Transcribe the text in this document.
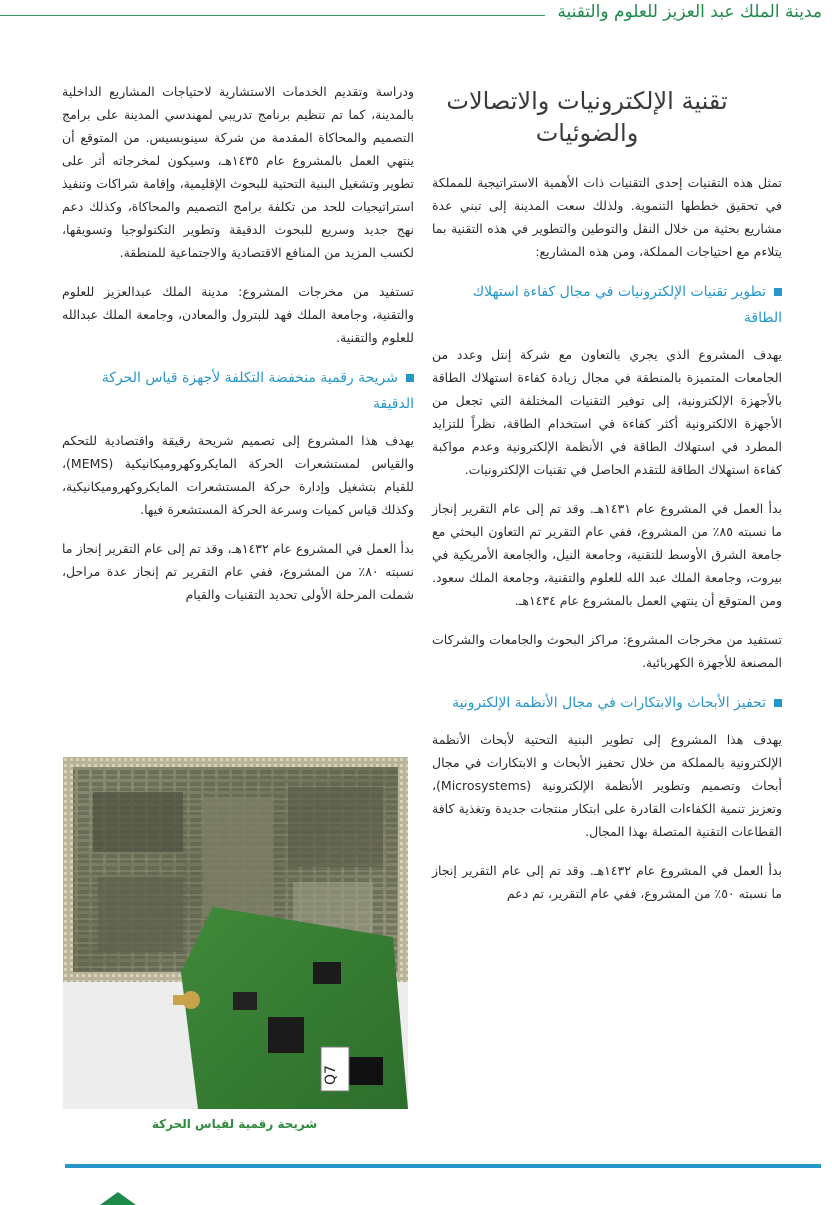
مدينة الملك عبد العزيز للعلوم والتقنية
تقنية الإلكترونيات والاتصالات والضوئيات

تمثل هذه التقنيات إحدى التقنيات ذات الأهمية الاستراتيجية للمملكة في تحقيق خططها التنموية. ولذلك سعت المدينة إلى تبني عدة مشاريع بحثية من خلال النقل والتوطين والتطوير في هذه التقنية بما يتلاءم مع احتياجات المملكة، ومن هذه المشاريع:

تطوير تقنيات الإلكترونيات في مجال كفاءة استهلاك الطاقة

يهدف المشروع الذي يجري بالتعاون مع شركة إنتل وعدد من الجامعات المتميزة بالمنطقة في مجال زيادة كفاءة استهلاك الطاقة بالأجهزة الإلكترونية، إلى توفير التقنيات المختلفة التي تجعل من الأجهزة الالكترونية أكثر كفاءة في استخدام الطاقة، نظراً للتزايد المطرد في استهلاك الطاقة في الأنظمة الإلكترونية وعدم مواكبة كفاءة استهلاك الطاقة للتقدم الحاصل في تقنيات الإلكترونيات.

بدأ العمل في المشروع عام ١٤٣١هـ. وقد تم إلى عام التقرير إنجاز ما نسبته ٨٥٪ من المشروع، ففي عام التقرير تم التعاون البحثي مع جامعة الشرق الأوسط للتقنية، وجامعة النيل، والجامعة الأمريكية في بيروت، وجامعة الملك عبد الله للعلوم والتقنية، وجامعة الملك سعود. ومن المتوقع أن ينتهي العمل بالمشروع عام ١٤٣٤هـ.

تستفيد من مخرجات المشروع: مراكز البحوث والجامعات والشركات المصنعة للأجهزة الكهربائية.

تحفيز الأبحاث والابتكارات في مجال الأنظمة الإلكترونية

يهدف هذا المشروع إلى تطوير البنية التحتية لأبحاث الأنظمة الإلكترونية بالمملكة من خلال تحفيز الأبحاث و الابتكارات في مجال أبحاث وتصميم وتطوير الأنظمة الإلكترونية (Microsystems)، وتعزيز تنمية الكفاءات القادرة على ابتكار منتجات جديدة وتغذية كافة القطاعات التقنية المتصلة بهذا المجال.

بدأ العمل في المشروع عام ١٤٣٢هـ. وقد تم إلى عام التقرير إنجاز ما نسبته ٥٠٪ من المشروع، ففي عام التقرير، تم دعم

ودراسة وتقديم الخدمات الاستشارية لاحتياجات المشاريع الداخلية بالمدينة، كما تم تنظيم برنامج تدريبي لمهندسي المدينة على برامج التصميم والمحاكاة المقدمة من شركة سينوبسيس. من المتوقع أن ينتهي العمل بالمشروع عام ١٤٣٥هـ، وسيكون لمخرجاته أثر على تطوير وتشغيل البنية التحتية للبحوث الإقليمية، وإقامة شراكات وتنفيذ استراتيجيات للحد من تكلفة برامج التصميم والمحاكاة، وكذلك دعم نهج جديد وسريع للبحوث الدقيقة وتطوير التكنولوجيا وتسويقها، لكسب المزيد من المنافع الاقتصادية والاجتماعية للمنطقة.

تستفيد من مخرجات المشروع: مدينة الملك عبدالعزيز للعلوم والتقنية، وجامعة الملك فهد للبترول والمعادن، وجامعة الملك عبدالله للعلوم والتقنية.

شريحة رقمية منخفضة التكلفة لأجهزة قياس الحركة الدقيقة

يهدف هذا المشروع إلى تصميم شريحة رقيقة واقتصادية للتحكم والقياس لمستشعرات الحركة المايكروكهروميكانيكية (MEMS)، للقيام بتشغيل وإدارة حركة المستشعرات المايكروكهروميكانيكية، وكذلك قياس كميات وسرعة الحركة المستشعرة فيها.

بدأ العمل في المشروع عام ١٤٣٢هـ، وقد تم إلى عام التقرير إنجاز ما نسبته ٨٠٪ من المشروع، ففي عام التقرير تم إنجاز عدة مراحل، شملت المرحلة الأولى تحديد التقنيات والقيام

Q7
شريحة رقمية لقياس الحركة
